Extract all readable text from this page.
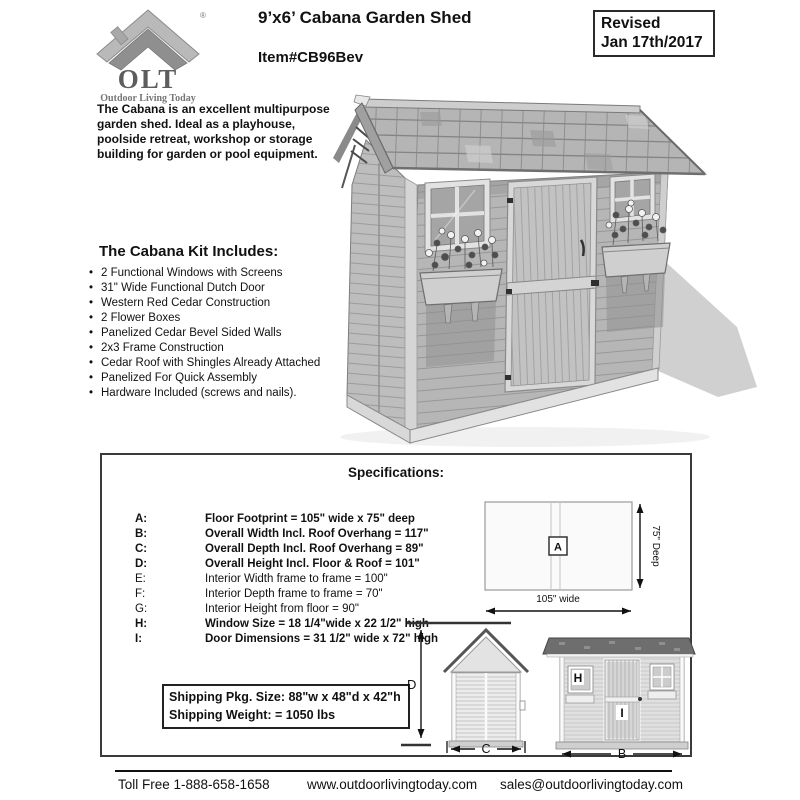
®
OLT
Outdoor Living Today
9’x6’ Cabana Garden Shed
Item#CB96Bev
Revised
Jan 17th/2017
The Cabana is an excellent multipurpose garden shed. Ideal as a playhouse, poolside retreat, workshop or storage building for garden or pool equipment.
The Cabana Kit Includes:
• 2 Functional Windows with Screens
• 31" Wide Functional Dutch Door
• Western Red Cedar Construction
• 2 Flower Boxes
• Panelized Cedar Bevel Sided Walls
• 2x3 Frame Construction
• Cedar Roof with Shingles Already Attached
• Panelized For Quick Assembly
• Hardware Included (screws and nails).
Specifications:
A:	Floor Footprint = 105" wide x 75" deep
B:	Overall Width Incl. Roof Overhang = 117"
C:	Overall Depth Incl. Roof Overhang = 89"
D:	Overall Height Incl. Floor & Roof = 101"
E:	Interior Width frame to frame = 100"
F:	Interior Depth frame to frame = 70"
G:	Interior Height from floor = 90"
H:	Window Size = 18 1/4"wide x 22 1/2" high
I:	Door Dimensions = 31 1/2" wide x 72" high
A	75" Deep
105" wide
Shipping Pkg. Size: 88"w x 48"d x 42"h
Shipping Weight: = 1050 lbs
D
C
I
H
B
Toll Free 1-888-658-1658	www.outdoorlivingtoday.com sales@outdoorlivingtoday.com
